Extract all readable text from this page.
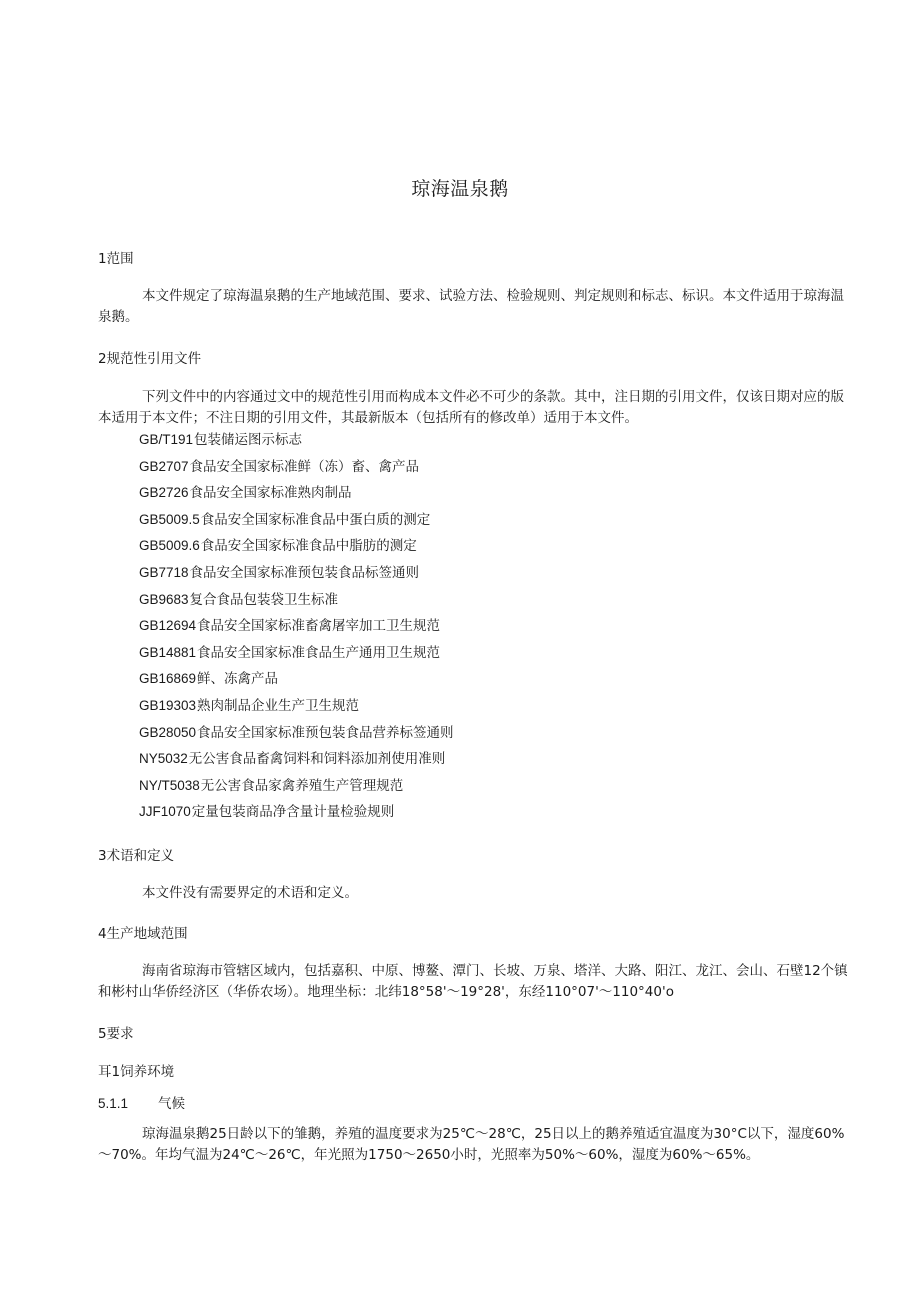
琼海温泉鹅

1范围

本文件规定了琼海温泉鹅的生产地域范围、要求、试验方法、检验规则、判定规则和标志、标识。本文件适用于琼海温泉鹅。

2规范性引用文件

下列文件中的内容通过文中的规范性引用而构成本文件必不可少的条款。其中，注日期的引用文件，仅该日期对应的版本适用于本文件；不注日期的引用文件，其最新版本（包括所有的修改单）适用于本文件。

GB/T191包装储运图示标志
GB2707食品安全国家标准鲜（冻）畜、禽产品
GB2726食品安全国家标准熟肉制品
GB5009.5食品安全国家标准食品中蛋白质的测定
GB5009.6食品安全国家标准食品中脂肪的测定
GB7718食品安全国家标准预包装食品标签通则
GB9683复合食品包装袋卫生标准
GB12694食品安全国家标准畜禽屠宰加工卫生规范
GB14881食品安全国家标准食品生产通用卫生规范
GB16869鲜、冻禽产品
GB19303熟肉制品企业生产卫生规范
GB28050食品安全国家标准预包装食品营养标签通则
NY5032无公害食品畜禽饲料和饲料添加剂使用准则
NY/T5038无公害食品家禽养殖生产管理规范
JJF1070定量包装商品净含量计量检验规则

3术语和定义

本文件没有需要界定的术语和定义。

4生产地域范围

海南省琼海市管辖区域内，包括嘉积、中原、博鳌、潭门、长坡、万泉、塔洋、大路、阳江、龙江、会山、石壁12个镇和彬村山华侨经济区（华侨农场）。地理坐标：北纬18°58'～19°28'，东经110°07'～110°40'o

5要求

耳1饲养环境

5.1.1 气候

琼海温泉鹅25日龄以下的雏鹅，养殖的温度要求为25℃～28℃，25日以上的鹅养殖适宜温度为30°C以下，湿度60%～70%。年均气温为24℃～26℃，年光照为1750～2650小时，光照率为50%～60%，湿度为60%～65%。
